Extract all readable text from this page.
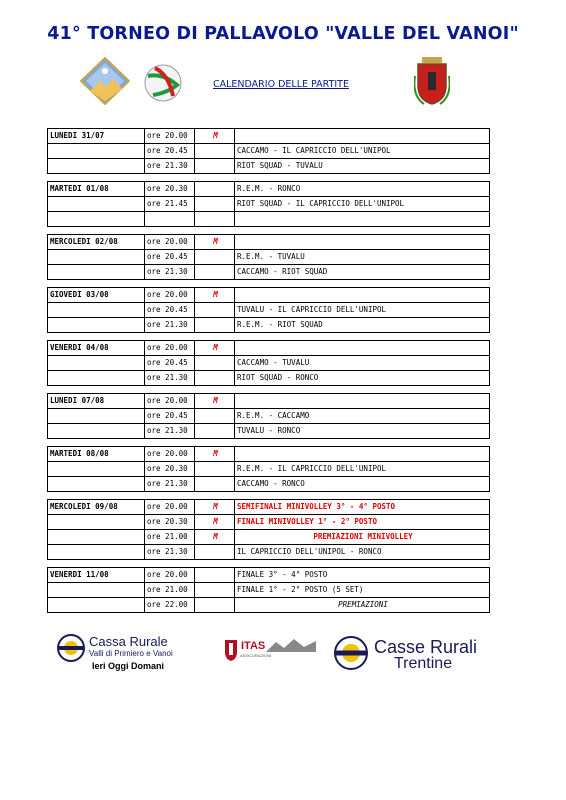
41° TORNEO DI PALLAVOLO "VALLE DEL VANOI"
CALENDARIO DELLE PARTITE
LUNEDI 31/07	ore 20.00	M	
	ore 20.45		CACCAMO - IL CAPRICCIO DELL'UNIPOL
	ore 21.30		RIOT SQUAD - TUVALU

MARTEDI 01/08	ore 20.30		R.E.M. - RONCO
	ore 21.45		RIOT SQUAD - IL CAPRICCIO DELL'UNIPOL

MERCOLEDI 02/08	ore 20.00	M	
	ore 20.45		R.E.M. - TUVALU
	ore 21.30		CACCAMO - RIOT SQUAD

GIOVEDI 03/08	ore 20.00	M	
	ore 20.45		TUVALU - IL CAPRICCIO DELL'UNIPOL
	ore 21.30		R.E.M. - RIOT SQUAD

VENERDI 04/08	ore 20.00	M	
	ore 20.45		CACCAMO - TUVALU
	ore 21.30		RIOT SQUAD - RONCO

LUNEDI 07/08	ore 20.00	M	
	ore 20.45		R.E.M. - CACCAMO
	ore 21.30		TUVALU - RONCO

MARTEDI 08/08	ore 20.00	M	
	ore 20.30		R.E.M. - IL CAPRICCIO DELL'UNIPOL
	ore 21.30		CACCAMO - RONCO

MERCOLEDI 09/08	ore 20.00	M	SEMIFINALI MINIVOLLEY 3° - 4° POSTO
	ore 20.30	M	FINALI MINIVOLLEY 1° - 2° POSTO
	ore 21.00	M	PREMIAZIONI MINIVOLLEY
	ore 21.30		IL CAPRICCIO DELL'UNIPOL - RONCO

VENERDI 11/08	ore 20.00		FINALE 3° - 4° POSTO
	ore 21.00		FINALE 1° - 2° POSTO (5 SET)
	ore 22.00		PREMIAZIONI
Cassa Rurale
Valli di Primiero e Vanoi
Ieri Oggi Domani
ITAS
ASSICURAZIONI	Casse Rurali
Trentine
